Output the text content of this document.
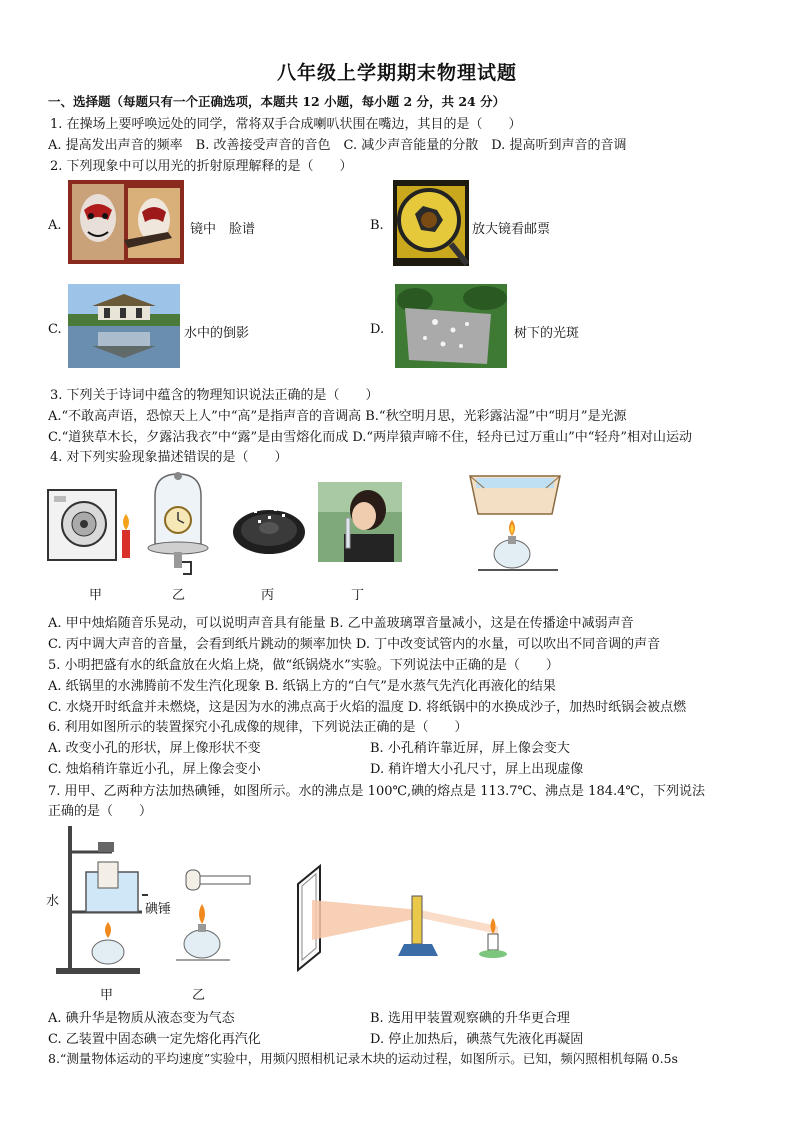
八年级上学期期末物理试题
一、选择题（每题只有一个正确选项，本题共 12 小题，每小题 2 分，共 24 分）
1. 在操场上要呼唤远处的同学，常将双手合成喇叭状围在嘴边，其目的是（　　）
A. 提高发出声音的频率　B. 改善接受声音的音色　C. 减少声音能量的分散　D. 提高听到声音的音调
2. 下列现象中可以用光的折射原理解释的是（　　）
A.	镜中　脸谱	B.	放大镜看邮票
C.	水中的倒影	D.	树下的光斑
3. 下列关于诗词中蕴含的物理知识说法正确的是（　　）
A.“不敢高声语，恐惊天上人”中“高”是指声音的音调高 B.“秋空明月思，光彩露沾湿”中“明月”是光源
C.“道狭草木长，夕露沾我衣”中“露”是由雪熔化而成 D.“两岸猿声啼不住，轻舟已过万重山”中“轻舟”相对山运动
4. 对下列实验现象描述错误的是（　　）
甲	乙	丙	丁
A. 甲中烛焰随音乐晃动，可以说明声音具有能量 B. 乙中盖玻璃罩音量减小，这是在传播途中减弱声音
C. 丙中调大声音的音量，会看到纸片跳动的频率加快 D. 丁中改变试管内的水量，可以吹出不同音调的声音
5. 小明把盛有水的纸盒放在火焰上烧，做“纸锅烧水”实验。下列说法中正确的是（　　）
A. 纸锅里的水沸腾前不发生汽化现象 B. 纸锅上方的“白气”是水蒸气先汽化再液化的结果
C. 水烧开时纸盒并未燃烧，这是因为水的沸点高于火焰的温度 D. 将纸锅中的水换成沙子，加热时纸锅会被点燃
6. 利用如图所示的装置探究小孔成像的规律，下列说法正确的是（　　）
A. 改变小孔的形状，屏上像形状不变	B. 小孔稍许靠近屏，屏上像会变大
C. 烛焰稍许靠近小孔，屏上像会变小	D. 稍许增大小孔尺寸，屏上出现虚像
7. 用甲、乙两种方法加热碘锤，如图所示。水的沸点是 100℃,碘的熔点是 113.7℃、沸点是 184.4℃，下列说法
正确的是（　　）
水
碘锤
甲	乙
A. 碘升华是物质从液态变为气态	B. 选用甲装置观察碘的升华更合理
C. 乙装置中固态碘一定先熔化再汽化	D. 停止加热后，碘蒸气先液化再凝固
8.“测量物体运动的平均速度”实验中，用频闪照相机记录木块的运动过程，如图所示。已知，频闪照相机每隔 0.5s
